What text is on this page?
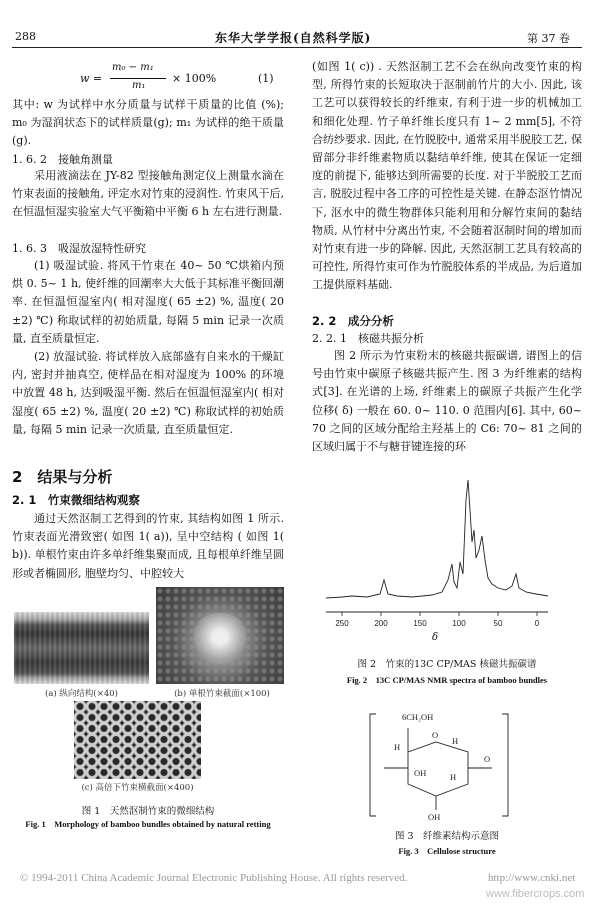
288	东华大学学报(自然科学版)	第 37 卷
w =
m₀ − m₁
m₁
× 100%	(1)

其中: w 为试样中水分质量与试样干质量的比值 (%); m₀ 为湿润状态下的试样质量(g); m₁ 为试样的绝干质量(g).

1. 6. 2　接触角测量

采用液滴法在 JY-82 型接触角测定仪上测量水滴在竹束表面的接触角, 评定水对竹束的浸润性. 竹束风干后, 在恒温恒湿实验室大气平衡箱中平衡 6 h 左右进行测量.

1. 6. 3　吸湿放湿特性研究

(1) 吸湿试验. 将风干竹束在 40~ 50 ℃烘箱内预烘 0. 5~ 1 h, 使纤维的回潮率大大低于其标准平衡回潮率. 在恒温恒湿室内( 相对湿度( 65 ±2) %, 温度( 20 ±2) ℃) 称取试样的初始质量, 每隔 5 min 记录一次质量, 直至质量恒定.

(2) 放湿试验. 将试样放入底部盛有自来水的干燥缸内, 密封并抽真空, 使样品在相对湿度为 100% 的环境中放置 48 h, 达到吸湿平衡. 然后在恒温恒湿室内( 相对湿度( 65 ±2) %, 温度( 20 ±2) ℃) 称取试样的初始质量, 每隔 5 min 记录一次质量, 直至质量恒定.

2　结果与分析
2. 1　竹束微细结构观察

通过天然沤制工艺得到的竹束, 其结构如图 1 所示. 竹束表面光滑致密( 如图 1( a)), 呈中空结构 ( 如图 1( b)). 单根竹束由许多单纤维集聚而成, 且每根单纤维呈圆形或者椭圆形, 胞壁均匀、中腔较大

(a) 纵向结构(×40)	(b) 单根竹束截面(×100)
(c) 高倍下竹束横截面(×400)
图 1　天然沤制竹束的微细结构
Fig. 1　Morphology of bamboo bundles obtained by natural retting

(如图 1( c)) . 天然沤制工艺不会在纵向改变竹束的构型, 所得竹束的长短取决于沤制前竹片的大小. 因此, 该工艺可以获得较长的纤维束, 有利于进一步的机械加工和细化处理. 竹子单纤维长度只有 1~ 2 mm[5], 不符合纺纱要求. 因此, 在竹脱胶中, 通常采用半脱胶工艺, 保留部分非纤维素物质以黏结单纤维, 使其在保证一定细度的前提下, 能够达到所需要的长度. 对于半脱胶工艺而言, 脱胶过程中各工序的可控性是关键. 在静态沤竹情况下, 沤水中的微生物群体只能利用和分解竹束间的黏结物质, 从竹材中分离出竹束, 不会随着沤制时间的增加而对竹束有进一步的降解. 因此, 天然沤制工艺具有较高的可控性, 所得竹束可作为竹脱胶体系的半成品, 为后道加工提供原料基础.

2. 2　成分分析
2. 2. 1　核磁共振分析

图 2 所示为竹束粉末的核磁共振碳谱, 谱图上的信号由竹束中碳原子核磁共振产生. 图 3 为纤维素的结构式[3]. 在光谱的上场, 纤维素上的碳原子共振产生化学位移( δ) 一般在 60. 0~ 110. 0 范围内[6]. 其中, 60~ 70 之间的区域分配给主羟基上的 C6: 70~ 81 之间的区域归属于不与糖苷键连接的环

250	200	150	100	50	0
δ
图 2　竹束的13C CP/MAS 核磁共振碳谱
Fig. 2　13C CP/MAS NMR spectra of bamboo bundles
6CH₂OH
H
H
O
OH
OH
O
H
图 3　纤维素结构示意图
Fig. 3　Cellulose structure
© 1994-2011 China Academic Journal Electronic Publishing House. All rights reserved.	http://www.cnki.net
www.fibercrops.com
